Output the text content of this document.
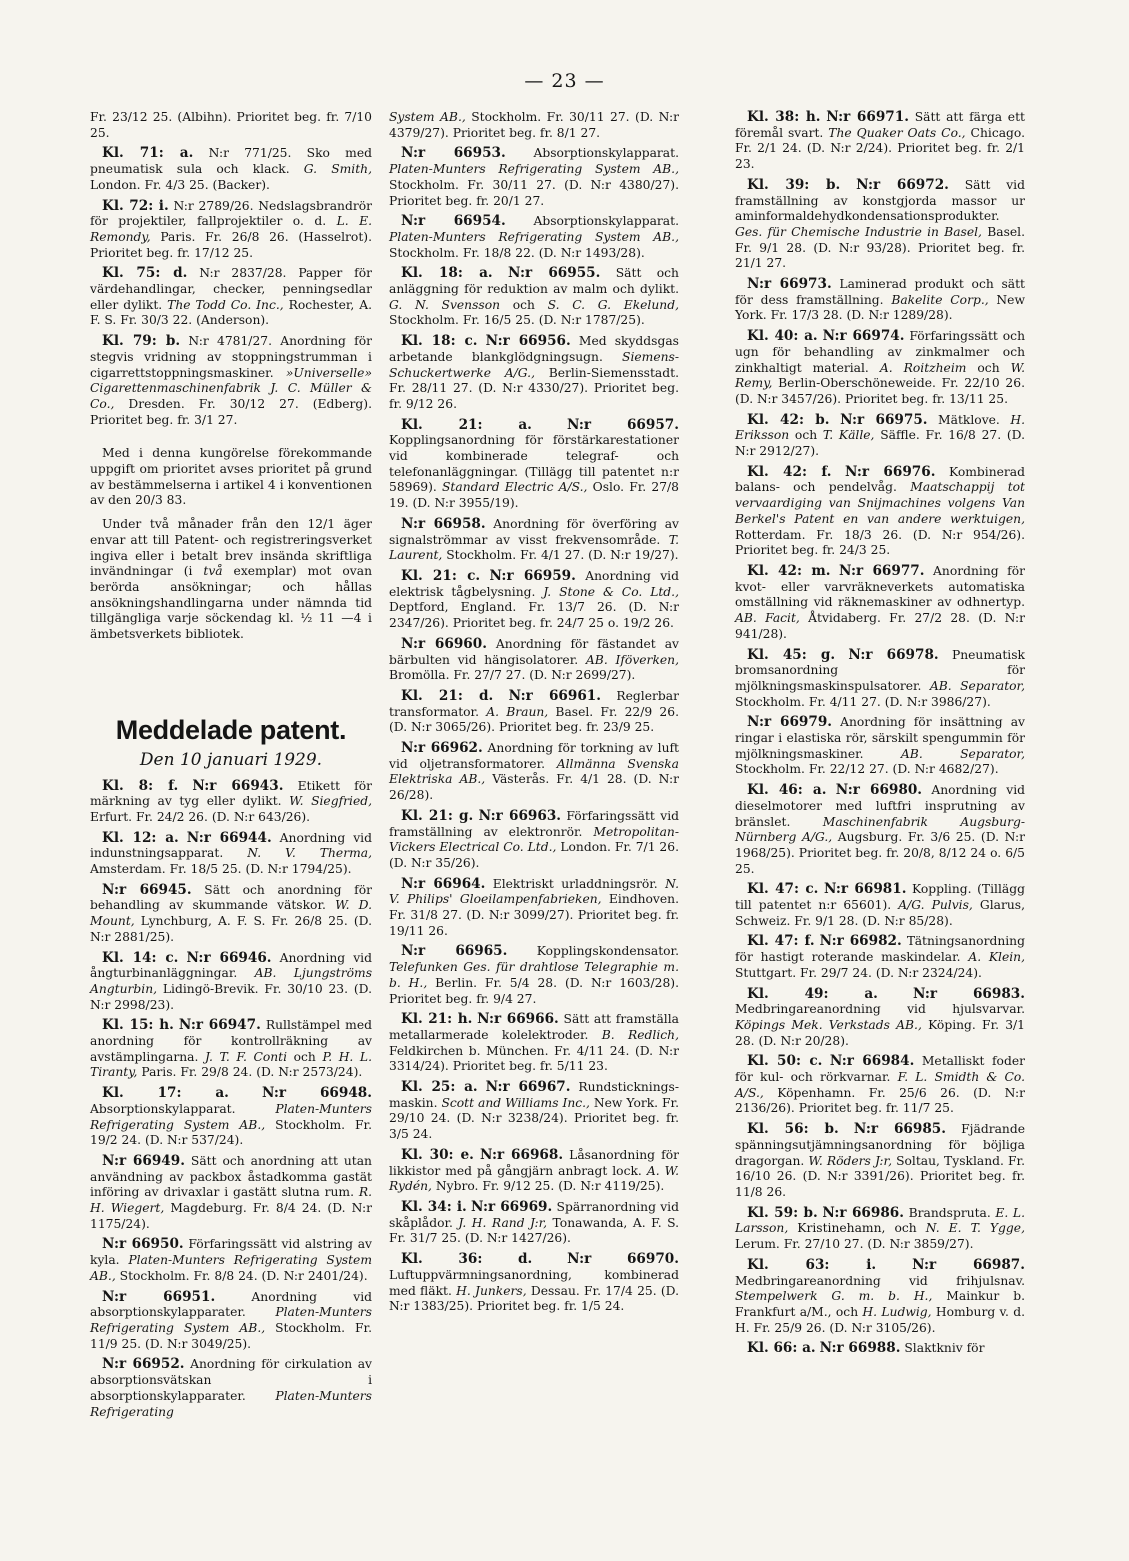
— 23 —

Fr. 23/12 25. (Albihn). Prioritet beg. fr. 7/10 25.

Kl. 71: a. N:r 771/25. Sko med pneumatisk sula och klack. G. Smith, London. Fr. 4/3 25. (Backer).

Kl. 72: i. N:r 2789/26. Nedslagsbrandrör för projektiler, fallprojektiler o. d. L. E. Remondy, Paris. Fr. 26/8 26. (Hasselrot). Prioritet beg. fr. 17/12 25.

Kl. 75: d. N:r 2837/28. Papper för värdehandlingar, checker, penningsedlar eller dylikt. The Todd Co. Inc., Rochester, A. F. S. Fr. 30/3 22. (Anderson).

Kl. 79: b. N:r 4781/27. Anordning för stegvis vridning av stoppningstrumman i cigarrettstoppningsmaskiner. »Universelle» Cigarettenmaschinenfabrik J. C. Müller & Co., Dresden. Fr. 30/12 27. (Edberg). Prioritet beg. fr. 3/1 27.

Med i denna kungörelse förekommande uppgift om prioritet avses prioritet på grund av bestämmelserna i artikel 4 i konventionen av den 20/3 83.

Under två månader från den 12/1 äger envar att till Patent- och registreringsverket ingiva eller i betalt brev insända skriftliga invändningar (i två exemplar) mot ovan berörda ansökningar; och hållas ansökningshandlingarna under nämnda tid tillgängliga varje söckendag kl. ½ 11 —4 i ämbetsverkets bibliotek.

Meddelade patent.
Den 10 januari 1929.

Kl. 8: f. N:r 66943. Etikett för märkning av tyg eller dylikt. W. Siegfried, Erfurt. Fr. 24/2 26. (D. N:r 643/26).

Kl. 12: a. N:r 66944. Anordning vid indunstningsapparat. N. V. Therma, Amsterdam. Fr. 18/5 25. (D. N:r 1794/25).

N:r 66945. Sätt och anordning för behandling av skummande vätskor. W. D. Mount, Lynchburg, A. F. S. Fr. 26/8 25. (D. N:r 2881/25).

Kl. 14: c. N:r 66946. Anordning vid ångturbinanläggningar. AB. Ljungströms Angturbin, Lidingö-Brevik. Fr. 30/10 23. (D. N:r 2998/23).

Kl. 15: h. N:r 66947. Rullstämpel med anordning för kontrollräkning av avstämplingarna. J. T. F. Conti och P. H. L. Tiranty, Paris. Fr. 29/8 24. (D. N:r 2573/24).

Kl. 17: a. N:r 66948. Absorptionskylapparat. Platen-Munters Refrigerating System AB., Stockholm. Fr. 19/2 24. (D. N:r 537/24).

N:r 66949. Sätt och anordning att utan användning av packbox åstadkomma gastät införing av drivaxlar i gastätt slutna rum. R. H. Wiegert, Magdeburg. Fr. 8/4 24. (D. N:r 1175/24).

N:r 66950. Förfaringssätt vid alstring av kyla. Platen-Munters Refrigerating System AB., Stockholm. Fr. 8/8 24. (D. N:r 2401/24).

N:r 66951. Anordning vid absorptionskylapparater. Platen-Munters Refrigerating System AB., Stockholm. Fr. 11/9 25. (D. N:r 3049/25).

N:r 66952. Anordning för cirkulation av absorptionsvätskan i absorptionskylapparater. Platen-Munters Refrigerating

System AB., Stockholm. Fr. 30/11 27. (D. N:r 4379/27). Prioritet beg. fr. 8/1 27.

N:r 66953. Absorptionskylapparat. Platen-Munters Refrigerating System AB., Stockholm. Fr. 30/11 27. (D. N:r 4380/27). Prioritet beg. fr. 20/1 27.

N:r 66954. Absorptionskylapparat. Platen-Munters Refrigerating System AB., Stockholm. Fr. 18/8 22. (D. N:r 1493/28).

Kl. 18: a. N:r 66955. Sätt och anläggning för reduktion av malm och dylikt. G. N. Svensson och S. C. G. Ekelund, Stockholm. Fr. 16/5 25. (D. N:r 1787/25).

Kl. 18: c. N:r 66956. Med skyddsgas arbetande blankglödgningsugn. Siemens-Schuckertwerke A/G., Berlin-Siemensstadt. Fr. 28/11 27. (D. N:r 4330/27). Prioritet beg. fr. 9/12 26.

Kl. 21: a.	N:r 66957. Kopplingsanordning för förstärkarestationer vid kombinerade telegraf- och telefonanläggningar. (Tillägg till patentet n:r 58969). Standard Electric A/S., Oslo. Fr. 27/8 19. (D. N:r 3955/19).

N:r 66958. Anordning för överföring av signalströmmar av visst frekvensområde. T. Laurent, Stockholm. Fr. 4/1 27. (D. N:r 19/27).

Kl. 21: c. N:r 66959. Anordning vid elektrisk tågbelysning. J. Stone & Co. Ltd., Deptford, England. Fr. 13/7 26. (D. N:r 2347/26). Prioritet beg. fr. 24/7 25 o. 19/2 26.

N:r 66960. Anordning för fästandet av bärbulten vid hängisolatorer. AB. Iföverken, Bromölla. Fr. 27/7 27. (D. N:r 2699/27).

Kl. 21: d. N:r 66961. Reglerbar transformator. A. Braun, Basel. Fr. 22/9 26. (D. N:r 3065/26). Prioritet beg. fr. 23/9 25.

N:r 66962. Anordning för torkning av luft vid oljetransformatorer. Allmänna Svenska Elektriska AB., Västerås. Fr. 4/1 28. (D. N:r 26/28).

Kl. 21: g. N:r 66963. Förfaringssätt vid framställning av elektronrör. Metropolitan-Vickers Electrical Co. Ltd., London. Fr. 7/1 26. (D. N:r 35/26).

N:r 66964. Elektriskt urladdningsrör. N. V. Philips' Gloeilampenfabrieken, Eindhoven. Fr. 31/8 27. (D. N:r 3099/27). Prioritet beg. fr. 19/11 26.

N:r 66965. Kopplingskondensator. Telefunken Ges. für drahtlose Telegraphie m. b. H., Berlin. Fr. 5/4 28. (D. N:r 1603/28). Prioritet beg. fr. 9/4 27.

Kl. 21: h. N:r 66966. Sätt att framställa metallarmerade kolelektroder. B. Redlich, Feldkirchen b. München. Fr. 4/11 24. (D. N:r 3314/24). Prioritet beg. fr. 5/11 23.

Kl. 25: a. N:r 66967. Rundstickningsmaskin. Scott and Williams Inc., New York. Fr. 29/10 24. (D. N:r 3238/24). Prioritet beg. fr. 3/5 24.

Kl. 30: e. N:r 66968. Låsanordning för likkistor med på gångjärn anbragt lock. A. W. Rydén, Nybro. Fr. 9/12 25. (D. N:r 4119/25).

Kl. 34: i. N:r 66969. Spärranordning vid skåplådor. J. H. Rand J:r, Tonawanda, A. F. S. Fr. 31/7 25. (D. N:r 1427/26).

Kl. 36: d.	N:r 66970. Luftuppvärmningsanordning, kombinerad med fläkt. H. Junkers, Dessau. Fr. 17/4 25. (D. N:r 1383/25). Prioritet beg. fr. 1/5 24.

Kl. 38: h. N:r 66971. Sätt att färga ett föremål svart. The Quaker Oats Co., Chicago. Fr. 2/1 24. (D. N:r 2/24). Prioritet beg. fr. 2/1 23.

Kl. 39: b. N:r 66972. Sätt vid framställning av konstgjorda massor ur aminformaldehydkondensationsprodukter. Ges. für Chemische Industrie in Basel, Basel. Fr. 9/1 28. (D. N:r 93/28). Prioritet beg. fr. 21/1 27.

N:r 66973. Laminerad produkt och sätt för dess framställning. Bakelite Corp., New York. Fr. 17/3 28. (D. N:r 1289/28).

Kl. 40: a. N:r 66974. Förfaringssätt och ugn för behandling av zinkmalmer och zinkhaltigt material. A. Roitzheim och W. Remy, Berlin-Oberschöneweide. Fr. 22/10 26. (D. N:r 3457/26). Prioritet beg. fr. 13/11 25.

Kl. 42: b. N:r 66975. Mätklove. H. Eriksson och T. Källe, Säffle. Fr. 16/8 27. (D. N:r 2912/27).

Kl. 42: f. N:r 66976. Kombinerad balans- och pendelvåg. Maatschappij tot vervaardiging van Snijmachines volgens Van Berkel's Patent en van andere werktuigen, Rotterdam. Fr. 18/3 26. (D. N:r 954/26). Prioritet beg. fr. 24/3 25.

Kl. 42: m. N:r 66977. Anordning för kvot- eller varvräkneverkets automatiska omställning vid räknemaskiner av odhnertyp. AB. Facit, Åtvidaberg. Fr. 27/2 28. (D. N:r 941/28).

Kl. 45: g. N:r 66978. Pneumatisk bromsanordning för mjölkningsmaskinspulsatorer. AB. Separator, Stockholm. Fr. 4/11 27. (D. N:r 3986/27).

N:r 66979. Anordning för insättning av ringar i elastiska rör, särskilt spengummin för mjölkningsmaskiner. AB. Separator, Stockholm. Fr. 22/12 27. (D. N:r 4682/27).

Kl. 46: a. N:r 66980. Anordning vid dieselmotorer med luftfri insprutning av bränslet. Maschinenfabrik Augsburg-Nürnberg A/G., Augsburg. Fr. 3/6 25. (D. N:r 1968/25). Prioritet beg. fr. 20/8, 8/12 24 o. 6/5 25.

Kl. 47: c. N:r 66981. Koppling. (Tillägg till patentet n:r 65601). A/G. Pulvis, Glarus, Schweiz. Fr. 9/1 28. (D. N:r 85/28).

Kl. 47: f. N:r 66982. Tätningsanordning för hastigt roterande maskindelar. A. Klein, Stuttgart. Fr. 29/7 24. (D. N:r 2324/24).

Kl. 49: a.	N:r 66983. Medbringareanordning vid hjulsvarvar. Köpings Mek. Verkstads AB., Köping. Fr. 3/1 28. (D. N:r 20/28).

Kl. 50: c. N:r 66984. Metalliskt foder för kul- och rörkvarnar. F. L. Smidth & Co. A/S., Köpenhamn. Fr. 25/6 26. (D. N:r 2136/26). Prioritet beg. fr. 11/7 25.

Kl. 56: b. N:r 66985. Fjädrande spänningsutjämningsanordning för böjliga dragorgan. W. Röders J:r, Soltau, Tyskland. Fr. 16/10 26. (D. N:r 3391/26). Prioritet beg. fr. 11/8 26.

Kl. 59: b. N:r 66986. Brandspruta. E. L. Larsson, Kristinehamn, och N. E. T. Ygge, Lerum. Fr. 27/10 27. (D. N:r 3859/27).

Kl. 63: i.	N:r 66987. Medbringareanordning vid frihjulsnav. Stempelwerk G. m. b. H., Mainkur b. Frankfurt a/M., och H. Ludwig, Homburg v. d. H. Fr. 25/9 26. (D. N:r 3105/26).

Kl. 66: a. N:r 66988. Slaktkniv för
